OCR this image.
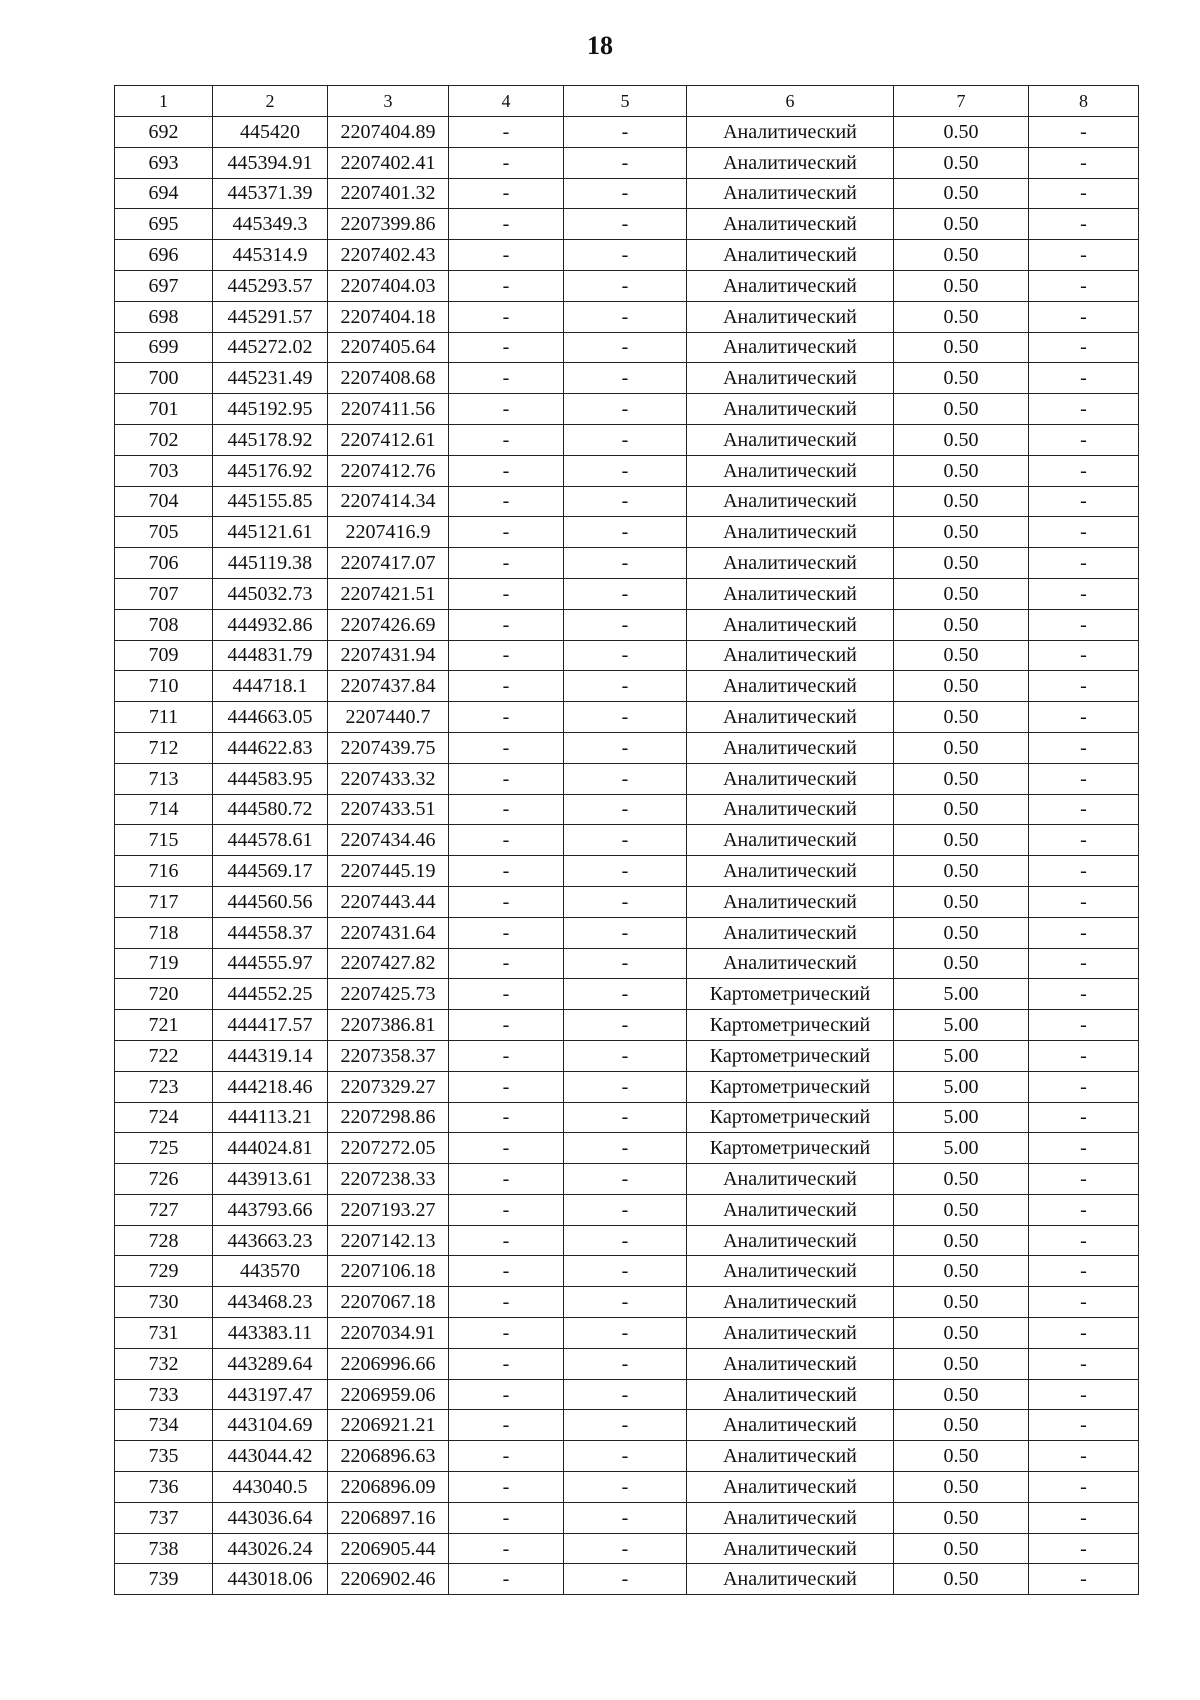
18
1	2	3	4	5	6	7	8
692	445420	2207404.89	-	-	Аналитический	0.50	-
693	445394.91	2207402.41	-	-	Аналитический	0.50	-
694	445371.39	2207401.32	-	-	Аналитический	0.50	-
695	445349.3	2207399.86	-	-	Аналитический	0.50	-
696	445314.9	2207402.43	-	-	Аналитический	0.50	-
697	445293.57	2207404.03	-	-	Аналитический	0.50	-
698	445291.57	2207404.18	-	-	Аналитический	0.50	-
699	445272.02	2207405.64	-	-	Аналитический	0.50	-
700	445231.49	2207408.68	-	-	Аналитический	0.50	-
701	445192.95	2207411.56	-	-	Аналитический	0.50	-
702	445178.92	2207412.61	-	-	Аналитический	0.50	-
703	445176.92	2207412.76	-	-	Аналитический	0.50	-
704	445155.85	2207414.34	-	-	Аналитический	0.50	-
705	445121.61	2207416.9	-	-	Аналитический	0.50	-
706	445119.38	2207417.07	-	-	Аналитический	0.50	-
707	445032.73	2207421.51	-	-	Аналитический	0.50	-
708	444932.86	2207426.69	-	-	Аналитический	0.50	-
709	444831.79	2207431.94	-	-	Аналитический	0.50	-
710	444718.1	2207437.84	-	-	Аналитический	0.50	-
711	444663.05	2207440.7	-	-	Аналитический	0.50	-
712	444622.83	2207439.75	-	-	Аналитический	0.50	-
713	444583.95	2207433.32	-	-	Аналитический	0.50	-
714	444580.72	2207433.51	-	-	Аналитический	0.50	-
715	444578.61	2207434.46	-	-	Аналитический	0.50	-
716	444569.17	2207445.19	-	-	Аналитический	0.50	-
717	444560.56	2207443.44	-	-	Аналитический	0.50	-
718	444558.37	2207431.64	-	-	Аналитический	0.50	-
719	444555.97	2207427.82	-	-	Аналитический	0.50	-
720	444552.25	2207425.73	-	-	Картометрический	5.00	-
721	444417.57	2207386.81	-	-	Картометрический	5.00	-
722	444319.14	2207358.37	-	-	Картометрический	5.00	-
723	444218.46	2207329.27	-	-	Картометрический	5.00	-
724	444113.21	2207298.86	-	-	Картометрический	5.00	-
725	444024.81	2207272.05	-	-	Картометрический	5.00	-
726	443913.61	2207238.33	-	-	Аналитический	0.50	-
727	443793.66	2207193.27	-	-	Аналитический	0.50	-
728	443663.23	2207142.13	-	-	Аналитический	0.50	-
729	443570	2207106.18	-	-	Аналитический	0.50	-
730	443468.23	2207067.18	-	-	Аналитический	0.50	-
731	443383.11	2207034.91	-	-	Аналитический	0.50	-
732	443289.64	2206996.66	-	-	Аналитический	0.50	-
733	443197.47	2206959.06	-	-	Аналитический	0.50	-
734	443104.69	2206921.21	-	-	Аналитический	0.50	-
735	443044.42	2206896.63	-	-	Аналитический	0.50	-
736	443040.5	2206896.09	-	-	Аналитический	0.50	-
737	443036.64	2206897.16	-	-	Аналитический	0.50	-
738	443026.24	2206905.44	-	-	Аналитический	0.50	-
739	443018.06	2206902.46	-	-	Аналитический	0.50	-
